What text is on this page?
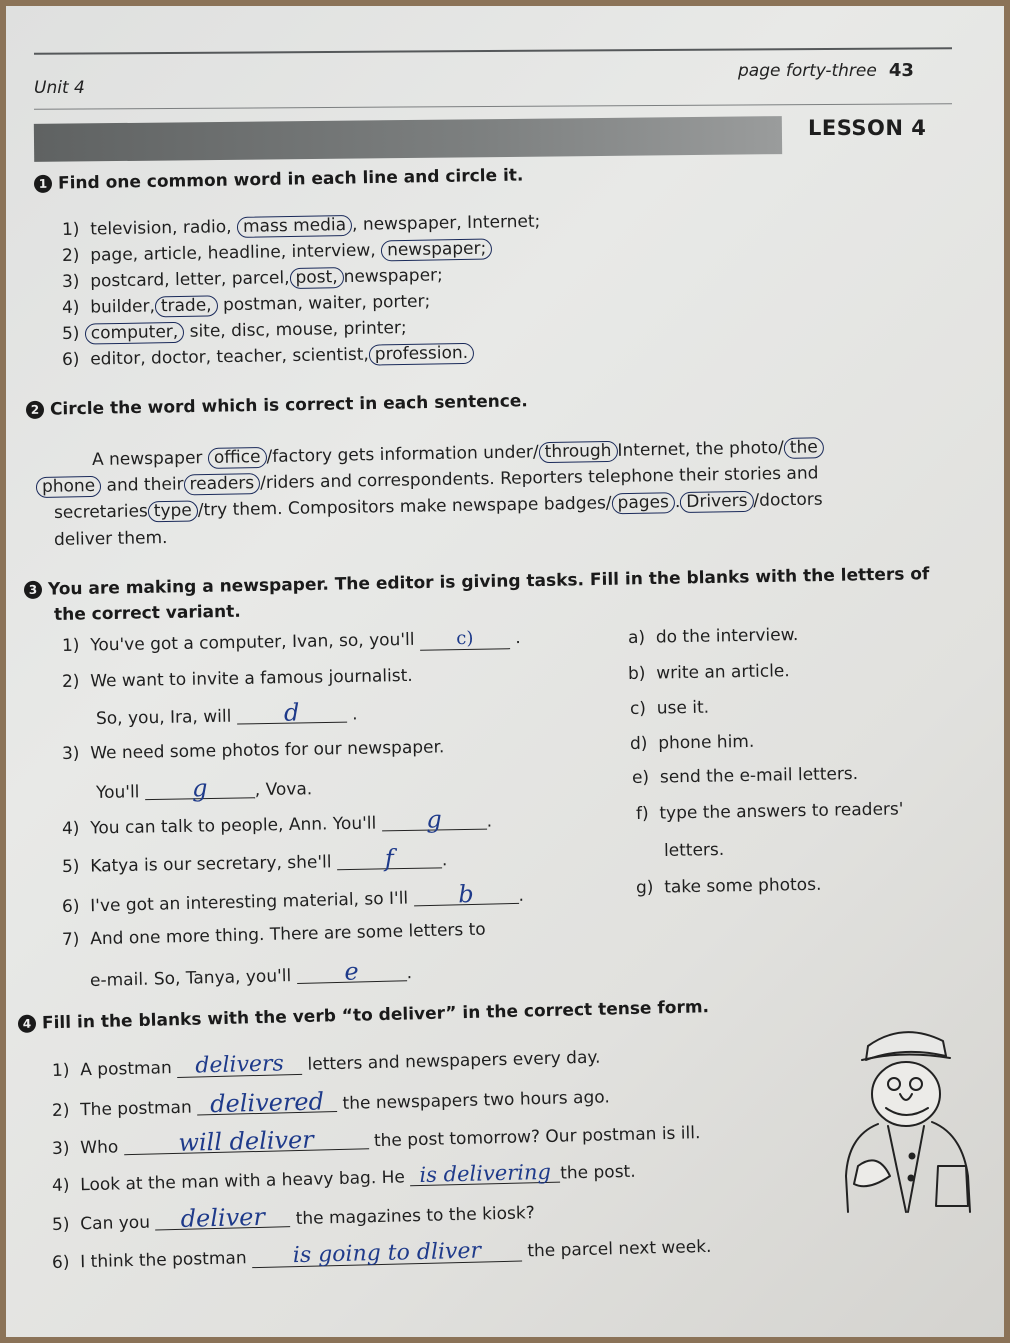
Unit 4
page forty-three 43
LESSON 4
1 Find one common word in each line and circle it.
1) television, radio, mass media , newspaper, Internet;
2) page, article, headline, interview, newspaper;
3) postcard, letter, parcel, post, newspaper;
4) builder, trade, postman, waiter, porter;
5) computer, site, disc, mouse, printer;
6) editor, doctor, teacher, scientist, profession.
2 Circle the word which is correct in each sentence.
A newspaper office /factory gets information under/ through Internet, the photo/ the
phone and their readers /riders and correspondents. Reporters telephone their stories and
secretaries type /try them. Compositors make newspape badges/ pages . Drivers /doctors
deliver them.
3 You are making a newspaper. The editor is giving tasks. Fill in the blanks with the letters of
the correct variant.
1) You've got a computer, Ivan, so, you'll c) .
2) We want to invite a famous journalist.
So, you, Ira, will d	.
3) We need some photos for our newspaper.
You'll g	, Vova.
4) You can talk to people, Ann. You'll g	.
5) Katya is our secretary, she'll f	.
6) I've got an interesting material, so I'll b	.
7) And one more thing. There are some letters to
e-mail. So, Tanya, you'll e	.
a) do the interview.
b) write an article.
c) use it.
d) phone him.
e) send the e-mail letters.
f) type the answers to readers'
letters.
g) take some photos.
4 Fill in the blanks with the verb “to deliver” in the correct tense form.
1) A postman delivers letters and newspapers every day.
2) The postman delivered the newspapers two hours ago.
3) Who will deliver	the post tomorrow? Our postman is ill.
4) Look at the man with a heavy bag. He is delivering the post.
5) Can you deliver the magazines to the kiosk?
6) I think the postman is going to dliver	the parcel next week.
